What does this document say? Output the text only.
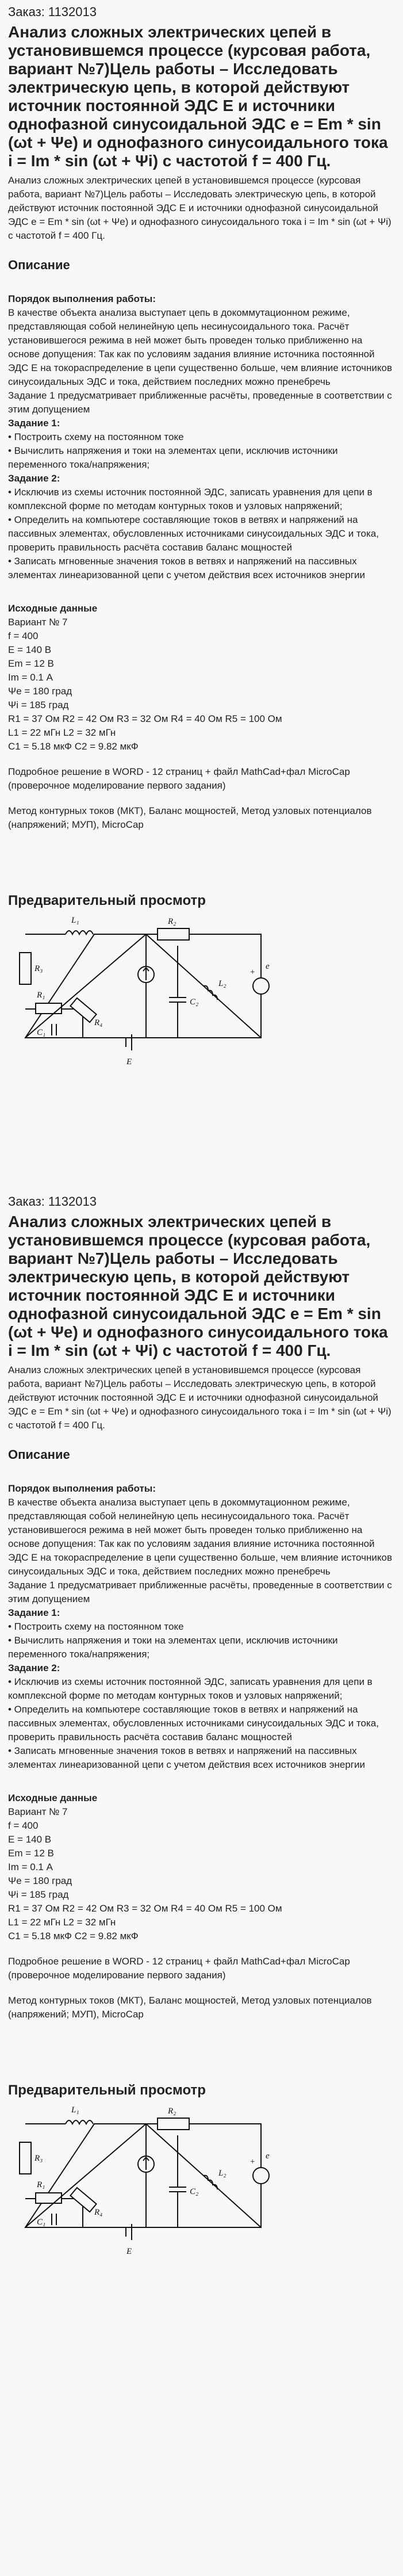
Заказ: 1132013
Анализ сложных электрических цепей в установившемся процессе (курсовая работа, вариант №7)Цель работы – Исследовать электрическую цепь, в которой действуют источник постоянной ЭДС Е и источники однофазной синусоидальной ЭДС е = Em * sin (ωt + Ψе) и однофазного синусоидального тока i = Im * sin (ωt + Ψi) с частотой f = 400 Гц.
Анализ сложных электрических цепей в установившемся процессе (курсовая работа, вариант №7)Цель работы – Исследовать электрическую цепь, в которой действуют источник постоянной ЭДС Е и источники однофазной синусоидальной ЭДС е = Em * sin (ωt + Ψе) и однофазного синусоидального тока i = Im * sin (ωt + Ψi) с частотой f = 400 Гц.
Описание
Порядок выполнения работы:
В качестве объекта анализа выступает цепь в докоммутационном режиме, представляющая собой нелинейную цепь несинусоидального тока. Расчёт установившегося режима в ней может быть проведен только приближенно на основе допущения: Так как по условиям задания влияние источника постоянной ЭДС Е на токораспределение в цепи существенно больше, чем влияние источников синусоидальных ЭДС и тока, действием последних можно пренебречь
Задание 1 предусматривает приближенные расчёты, проведенные в соответствии с этим допущением
Задание 1:
• Построить схему на постоянном токе
• Вычислить напряжения и токи на элементах цепи, исключив источники переменного тока/напряжения;
Задание 2:
• Исключив из схемы источник постоянной ЭДС, записать уравнения для цепи в комплексной форме по методам контурных токов и узловых напряжений;
• Определить на компьютере составляющие токов в ветвях и напряжений на пассивных элементах, обусловленных источниками синусоидальных ЭДС и тока, проверить правильность расчёта составив баланс мощностей
• Записать мгновенные значения токов в ветвях и напряжений на пассивных элементах линеаризованной цепи с учетом действия всех источников энергии
Исходные данные
Вариант № 7
f = 400
E = 140 В
Em = 12 В
Im = 0.1 А
Ψе = 180 град
Ψi = 185 град
R1 = 37 Ом R2 = 42 Ом R3 = 32 Ом R4 = 40 Ом R5 = 100 Ом
L1 = 22 мГн L2 = 32 мГн
C1 = 5.18 мкФ C2 = 9.82 мкФ
Подробное решение в WORD - 12 страниц + файл MathCad+фал MicroCap (проверочное моделирование первого задания)
Метод контурных токов (МКТ), Баланс мощностей, Метод узловых потенциалов (напряжений; МУП), MicroCap
Предварительный просмотр
L₁	R₂
R₃
R₁
C₁
R₄
C₂
L₂
+
e
E
Заказ: 1132013
Анализ сложных электрических цепей в установившемся процессе (курсовая работа, вариант №7)Цель работы – Исследовать электрическую цепь, в которой действуют источник постоянной ЭДС Е и источники однофазной синусоидальной ЭДС е = Em * sin (ωt + Ψе) и однофазного синусоидального тока i = Im * sin (ωt + Ψi) с частотой f = 400 Гц.
Анализ сложных электрических цепей в установившемся процессе (курсовая работа, вариант №7)Цель работы – Исследовать электрическую цепь, в которой действуют источник постоянной ЭДС Е и источники однофазной синусоидальной ЭДС е = Em * sin (ωt + Ψе) и однофазного синусоидального тока i = Im * sin (ωt + Ψi) с частотой f = 400 Гц.
Описание
Порядок выполнения работы:
В качестве объекта анализа выступает цепь в докоммутационном режиме, представляющая собой нелинейную цепь несинусоидального тока. Расчёт установившегося режима в ней может быть проведен только приближенно на основе допущения: Так как по условиям задания влияние источника постоянной ЭДС Е на токораспределение в цепи существенно больше, чем влияние источников синусоидальных ЭДС и тока, действием последних можно пренебречь
Задание 1 предусматривает приближенные расчёты, проведенные в соответствии с этим допущением
Задание 1:
• Построить схему на постоянном токе
• Вычислить напряжения и токи на элементах цепи, исключив источники переменного тока/напряжения;
Задание 2:
• Исключив из схемы источник постоянной ЭДС, записать уравнения для цепи в комплексной форме по методам контурных токов и узловых напряжений;
• Определить на компьютере составляющие токов в ветвях и напряжений на пассивных элементах, обусловленных источниками синусоидальных ЭДС и тока, проверить правильность расчёта составив баланс мощностей
• Записать мгновенные значения токов в ветвях и напряжений на пассивных элементах линеаризованной цепи с учетом действия всех источников энергии
Исходные данные
Вариант № 7
f = 400
E = 140 В
Em = 12 В
Im = 0.1 А
Ψе = 180 град
Ψi = 185 град
R1 = 37 Ом R2 = 42 Ом R3 = 32 Ом R4 = 40 Ом R5 = 100 Ом
L1 = 22 мГн L2 = 32 мГн
C1 = 5.18 мкФ C2 = 9.82 мкФ
Подробное решение в WORD - 12 страниц + файл MathCad+фал MicroCap (проверочное моделирование первого задания)
Метод контурных токов (МКТ), Баланс мощностей, Метод узловых потенциалов (напряжений; МУП), MicroCap
Предварительный просмотр
L₁	R₂
R₃
R₁
C₁
R₄
C₂
L₂
+
e
E
